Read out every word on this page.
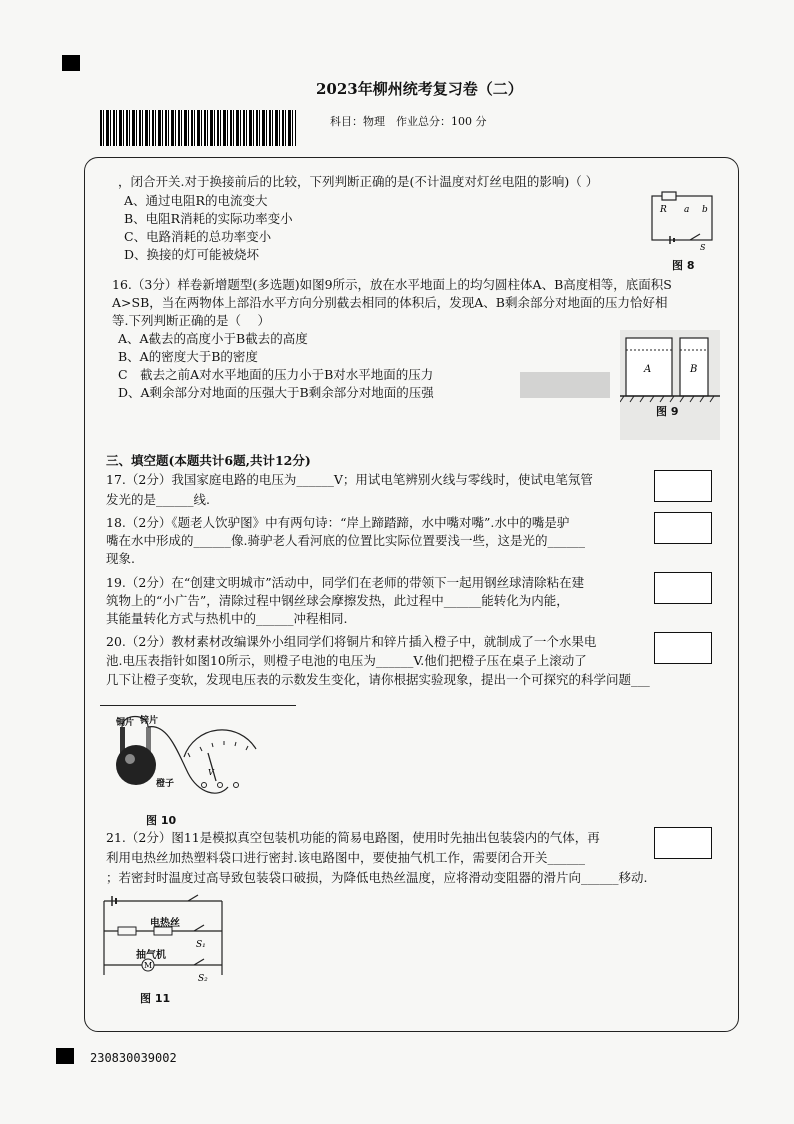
2023年柳州统考复习卷（二）
科目：物理　作业总分：100 分
，闭合开关.对于换接前后的比较，下列判断正确的是(不计温度对灯丝电阻的影响)（ ）
A、通过电阻R的电流变大
B、电阻R消耗的实际功率变小
C、电路消耗的总功率变小
D、换接的灯可能被烧坏
R a b
S
图 8
16.（3分）样卷新增题型(多选题)如图9所示，放在水平地面上的均匀圆柱体A、B高度相等，底面积S
A>SB，当在两物体上部沿水平方向分别截去相同的体积后，发现A、B剩余部分对地面的压力恰好相
等.下列判断正确的是（　 ）
A、A截去的高度小于B截去的高度
B、A的密度大于B的密度
C　截去之前A对水平地面的压力小于B对水平地面的压力
D、A剩余部分对地面的压强大于B剩余部分对地面的压强
A	B
图 9
三、填空题(本题共计6题,共计12分)
17.（2分）我国家庭电路的电压为______V；用试电笔辨别火线与零线时，使试电笔氖管
发光的是______线.
18.（2分）《题老人饮驴图》中有两句诗：“岸上蹄踏蹄，水中嘴对嘴”.水中的嘴是驴
嘴在水中形成的______像.骑驴老人看河底的位置比实际位置要浅一些，这是光的______
现象.
19.（2分）在“创建文明城市”活动中，同学们在老师的带领下一起用钢丝球清除粘在建
筑物上的“小广告”，清除过程中钢丝球会摩擦发热，此过程中______能转化为内能，
其能量转化方式与热机中的______冲程相同.
20.（2分）教材素材改编课外小组同学们将铜片和锌片插入橙子中，就制成了一个水果电
池.电压表指针如图10所示，则橙子电池的电压为______V.他们把橙子压在桌子上滚动了
几下让橙子变软，发现电压表的示数发生变化，请你根据实验现象，提出一个可探究的科学问题___
V
铜片 锌片
橙子
图 10
21.（2分）图11是模拟真空包装机功能的简易电路图，使用时先抽出包装袋内的气体，再
利用电热丝加热塑料袋口进行密封.该电路图中，要使抽气机工作，需要闭合开关______
；若密封时温度过高导致包装袋口破损，为降低电热丝温度，应将滑动变阻器的滑片向______移动.
S₁
M
S₂
电热丝
抽气机
图 11
230830039002
